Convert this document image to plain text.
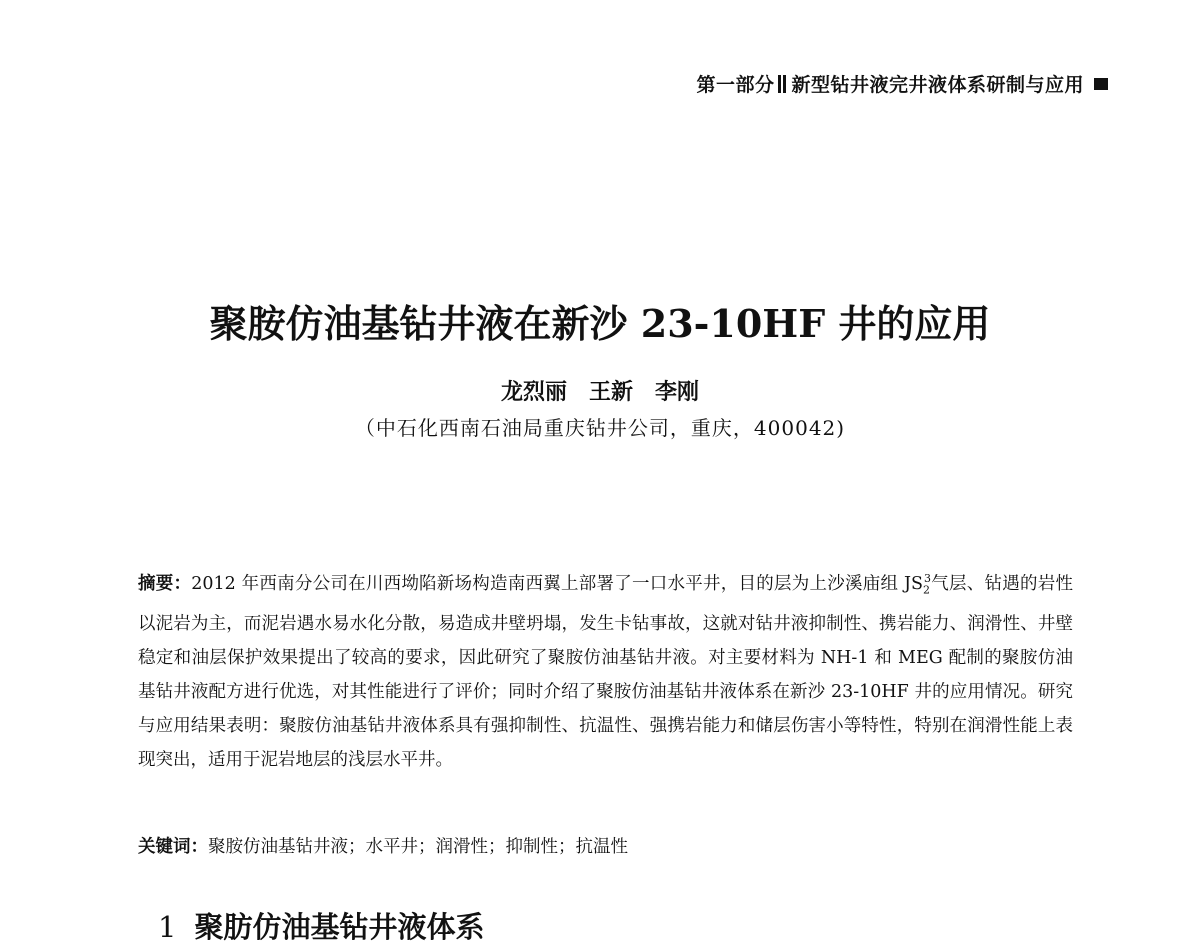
第一部分 新型钻井液完井液体系研制与应用
聚胺仿油基钻井液在新沙 23-10HF 井的应用
龙烈丽　王新　李刚
（中石化西南石油局重庆钻井公司，重庆，400042)
摘要：2012 年西南分公司在川西坳陷新场构造南西翼上部署了一口水平井，目的层为上沙溪庙组 $JS_2^3$气层、钻遇的岩性以泥岩为主，而泥岩遇水易水化分散，易造成井壁坍塌，发生卡钻事故，这就对钻井液抑制性、携岩能力、润滑性、井壁稳定和油层保护效果提出了较高的要求，因此研究了聚胺仿油基钻井液。对主要材料为 NH-1 和 MEG 配制的聚胺仿油基钻井液配方进行优选，对其性能进行了评价；同时介绍了聚胺仿油基钻井液体系在新沙 23-10HF 井的应用情况。研究与应用结果表明：聚胺仿油基钻井液体系具有强抑制性、抗温性、强携岩能力和储层伤害小等特性，特别在润滑性能上表现突出，适用于泥岩地层的浅层水平井。
关键词：聚胺仿油基钻井液；水平井；润滑性；抑制性；抗温性
1 聚肪仿油基钻井液体系
